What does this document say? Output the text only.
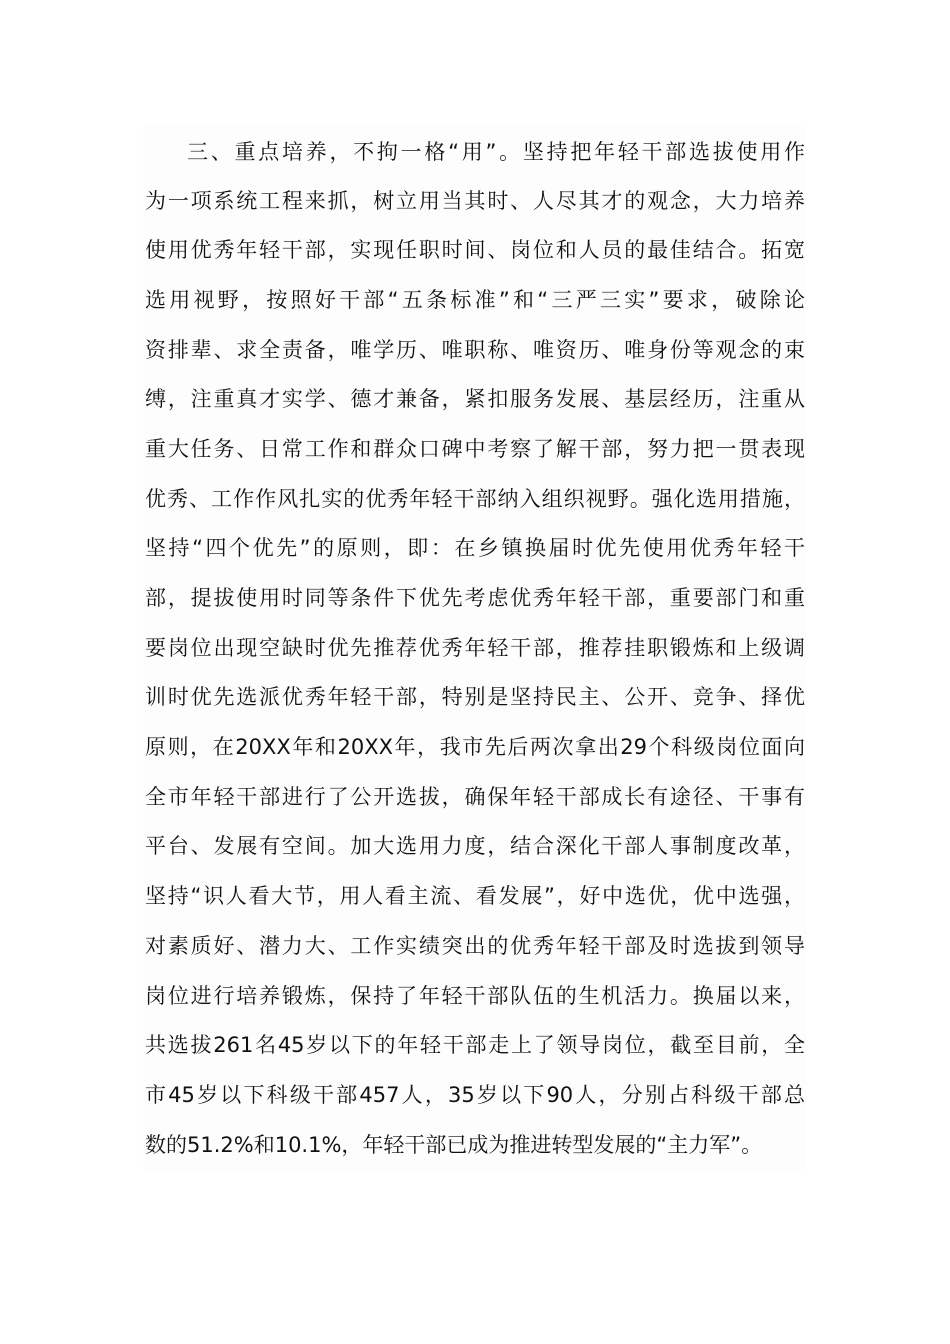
三、重点培养，不拘一格“用”。坚持把年轻干部选拔使用作
为一项系统工程来抓，树立用当其时、人尽其才的观念，大力培养
使用优秀年轻干部，实现任职时间、岗位和人员的最佳结合。拓宽
选用视野，按照好干部“五条标准”和“三严三实”要求，破除论
资排辈、求全责备，唯学历、唯职称、唯资历、唯身份等观念的束
缚，注重真才实学、德才兼备，紧扣服务发展、基层经历，注重从
重大任务、日常工作和群众口碑中考察了解干部，努力把一贯表现
优秀、工作作风扎实的优秀年轻干部纳入组织视野。强化选用措施，
坚持“四个优先”的原则，即：在乡镇换届时优先使用优秀年轻干
部，提拔使用时同等条件下优先考虑优秀年轻干部，重要部门和重
要岗位出现空缺时优先推荐优秀年轻干部，推荐挂职锻炼和上级调
训时优先选派优秀年轻干部，特别是坚持民主、公开、竞争、择优
原则，在20XX年和20XX年，我市先后两次拿出29个科级岗位面向
全市年轻干部进行了公开选拔，确保年轻干部成长有途径、干事有
平台、发展有空间。加大选用力度，结合深化干部人事制度改革，
坚持“识人看大节，用人看主流、看发展”，好中选优，优中选强，
对素质好、潜力大、工作实绩突出的优秀年轻干部及时选拔到领导
岗位进行培养锻炼，保持了年轻干部队伍的生机活力。换届以来，
共选拔261名45岁以下的年轻干部走上了领导岗位，截至目前，全
市45岁以下科级干部457人，35岁以下90人，分别占科级干部总
数的51.2%和10.1%，年轻干部已成为推进转型发展的“主力军”。
